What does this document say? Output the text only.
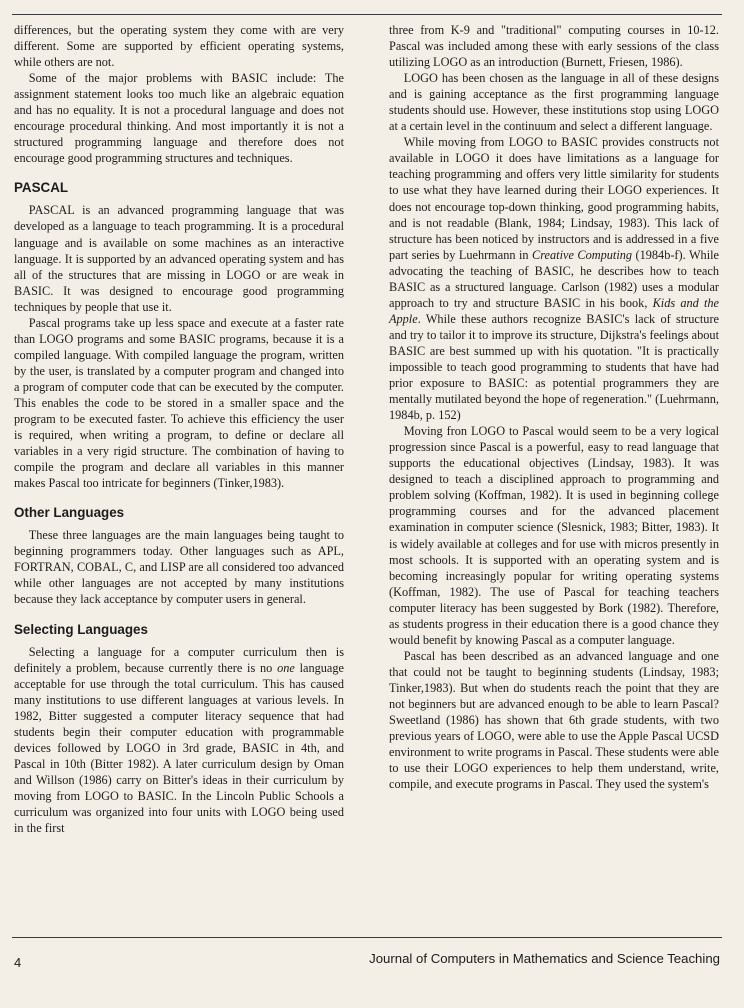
differences, but the operating system they come with are very different. Some are supported by efficient operating systems, while others are not.

Some of the major problems with BASIC include: The assignment statement looks too much like an algebraic equation and has no equality. It is not a procedural language and does not encourage procedural thinking. And most importantly it is not a structured programming language and therefore does not encourage good programming structures and techniques.

PASCAL

PASCAL is an advanced programming language that was developed as a language to teach programming. It is a procedural language and is available on some machines as an interactive language. It is supported by an advanced operating system and has all of the structures that are missing in LOGO or are weak in BASIC. It was designed to encourage good programming techniques by people that use it.

Pascal programs take up less space and execute at a faster rate than LOGO programs and some BASIC programs, because it is a compiled language. With compiled language the program, written by the user, is translated by a computer program and changed into a program of computer code that can be executed by the computer. This enables the code to be stored in a smaller space and the program to be executed faster. To achieve this efficiency the user is required, when writing a program, to define or declare all variables in a very rigid structure. The combination of having to compile the program and declare all variables in this manner makes Pascal too intricate for beginners (Tinker,1983).

Other Languages

These three languages are the main languages being taught to beginning programmers today. Other languages such as APL, FORTRAN, COBAL, C, and LISP are all considered too advanced while other languages are not accepted by many institutions because they lack acceptance by computer users in general.

Selecting Languages

Selecting a language for a computer curriculum then is definitely a problem, because currently there is no one language acceptable for use through the total curriculum. This has caused many institutions to use different languages at various levels. In 1982, Bitter suggested a computer literacy sequence that had students begin their computer education with programmable devices followed by LOGO in 3rd grade, BASIC in 4th, and Pascal in 10th (Bitter 1982). A later curriculum design by Oman and Willson (1986) carry on Bitter's ideas in their curriculum by moving from LOGO to BASIC. In the Lincoln Public Schools a curriculum was organized into four units with LOGO being used in the first

three from K-9 and "traditional" computing courses in 10-12. Pascal was included among these with early sessions of the class utilizing LOGO as an introduction (Burnett, Friesen, 1986).

LOGO has been chosen as the language in all of these designs and is gaining acceptance as the first programming language students should use. However, these institutions stop using LOGO at a certain level in the continuum and select a different language.

While moving from LOGO to BASIC provides constructs not available in LOGO it does have limitations as a language for teaching programming and offers very little similarity for students to use what they have learned during their LOGO experiences. It does not encourage top-down thinking, good programming habits, and is not readable (Blank, 1984; Lindsay, 1983). This lack of structure has been noticed by instructors and is addressed in a five part series by Luehrmann in Creative Computing (1984b-f). While advocating the teaching of BASIC, he describes how to teach BASIC as a structured language. Carlson (1982) uses a modular approach to try and structure BASIC in his book, Kids and the Apple. While these authors recognize BASIC's lack of structure and try to tailor it to improve its structure, Dijkstra's feelings about BASIC are best summed up with his quotation. "It is practically impossible to teach good programming to students that have had prior exposure to BASIC: as potential programmers they are mentally mutilated beyond the hope of regeneration." (Luehrmann, 1984b, p. 152)

Moving fron LOGO to Pascal would seem to be a very logical progression since Pascal is a powerful, easy to read language that supports the educational objectives (Lindsay, 1983). It was designed to teach a disciplined approach to programming and problem solving (Koffman, 1982). It is used in beginning college programming courses and for the advanced placement examination in computer science (Slesnick, 1983; Bitter, 1983). It is widely available at colleges and for use with micros presently in most schools. It is supported with an operating system and is becoming increasingly popular for writing operating systems (Koffman, 1982). The use of Pascal for teaching teachers computer literacy has been suggested by Bork (1982). Therefore, as students progress in their education there is a good chance they would benefit by knowing Pascal as a computer language.

Pascal has been described as an advanced language and one that could not be taught to beginning students (Lindsay, 1983; Tinker,1983). But when do students reach the point that they are not beginners but are advanced enough to be able to learn Pascal? Sweetland (1986) has shown that 6th grade students, with two previous years of LOGO, were able to use the Apple Pascal UCSD environment to write programs in Pascal. These students were able to use their LOGO experiences to help them understand, write, compile, and execute programs in Pascal. They used the system's

4	Journal of Computers in Mathematics and Science Teaching
